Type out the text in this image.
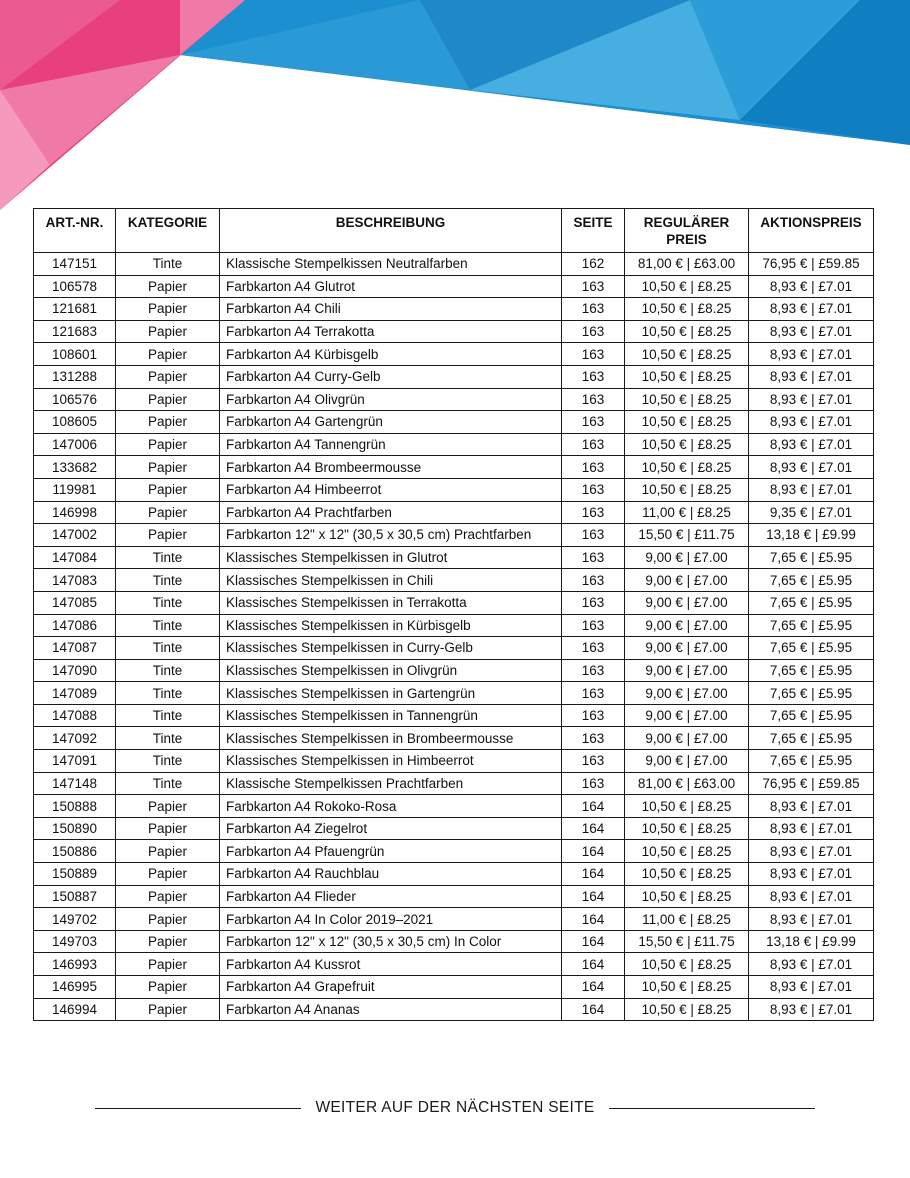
ART.-NR.	KATEGORIE	BESCHREIBUNG	SEITE	REGULÄRER PREIS	AKTIONSPREIS
147151	Tinte	Klassische Stempelkissen Neutralfarben	162	81,00 € | £63.00	76,95 € | £59.85
106578	Papier	Farbkarton A4 Glutrot	163	10,50 € | £8.25	8,93 € | £7.01
121681	Papier	Farbkarton A4 Chili	163	10,50 € | £8.25	8,93 € | £7.01
121683	Papier	Farbkarton A4 Terrakotta	163	10,50 € | £8.25	8,93 € | £7.01
108601	Papier	Farbkarton A4 Kürbisgelb	163	10,50 € | £8.25	8,93 € | £7.01
131288	Papier	Farbkarton A4 Curry-Gelb	163	10,50 € | £8.25	8,93 € | £7.01
106576	Papier	Farbkarton A4 Olivgrün	163	10,50 € | £8.25	8,93 € | £7.01
108605	Papier	Farbkarton A4 Gartengrün	163	10,50 € | £8.25	8,93 € | £7.01
147006	Papier	Farbkarton A4 Tannengrün	163	10,50 € | £8.25	8,93 € | £7.01
133682	Papier	Farbkarton A4 Brombeermousse	163	10,50 € | £8.25	8,93 € | £7.01
119981	Papier	Farbkarton A4 Himbeerrot	163	10,50 € | £8.25	8,93 € | £7.01
146998	Papier	Farbkarton A4 Prachtfarben	163	11,00 € | £8.25	9,35 € | £7.01
147002	Papier	Farbkarton 12" x 12" (30,5 x 30,5 cm) Prachtfarben	163	15,50 € | £11.75	13,18 € | £9.99
147084	Tinte	Klassisches Stempelkissen in Glutrot	163	9,00 € | £7.00	7,65 € | £5.95
147083	Tinte	Klassisches Stempelkissen in Chili	163	9,00 € | £7.00	7,65 € | £5.95
147085	Tinte	Klassisches Stempelkissen in Terrakotta	163	9,00 € | £7.00	7,65 € | £5.95
147086	Tinte	Klassisches Stempelkissen in Kürbisgelb	163	9,00 € | £7.00	7,65 € | £5.95
147087	Tinte	Klassisches Stempelkissen in Curry-Gelb	163	9,00 € | £7.00	7,65 € | £5.95
147090	Tinte	Klassisches Stempelkissen in Olivgrün	163	9,00 € | £7.00	7,65 € | £5.95
147089	Tinte	Klassisches Stempelkissen in Gartengrün	163	9,00 € | £7.00	7,65 € | £5.95
147088	Tinte	Klassisches Stempelkissen in Tannengrün	163	9,00 € | £7.00	7,65 € | £5.95
147092	Tinte	Klassisches Stempelkissen in Brombeermousse	163	9,00 € | £7.00	7,65 € | £5.95
147091	Tinte	Klassisches Stempelkissen in Himbeerrot	163	9,00 € | £7.00	7,65 € | £5.95
147148	Tinte	Klassische Stempelkissen Prachtfarben	163	81,00 € | £63.00	76,95 € | £59.85
150888	Papier	Farbkarton A4 Rokoko-Rosa	164	10,50 € | £8.25	8,93 € | £7.01
150890	Papier	Farbkarton A4 Ziegelrot	164	10,50 € | £8.25	8,93 € | £7.01
150886	Papier	Farbkarton A4 Pfauengrün	164	10,50 € | £8.25	8,93 € | £7.01
150889	Papier	Farbkarton A4 Rauchblau	164	10,50 € | £8.25	8,93 € | £7.01
150887	Papier	Farbkarton A4 Flieder	164	10,50 € | £8.25	8,93 € | £7.01
149702	Papier	Farbkarton A4 In Color 2019–2021	164	11,00 € | £8.25	8,93 € | £7.01
149703	Papier	Farbkarton 12" x 12" (30,5 x 30,5 cm) In Color	164	15,50 € | £11.75	13,18 € | £9.99
146993	Papier	Farbkarton A4 Kussrot	164	10,50 € | £8.25	8,93 € | £7.01
146995	Papier	Farbkarton A4 Grapefruit	164	10,50 € | £8.25	8,93 € | £7.01
146994	Papier	Farbkarton A4 Ananas	164	10,50 € | £8.25	8,93 € | £7.01
WEITER AUF DER NÄCHSTEN SEITE
